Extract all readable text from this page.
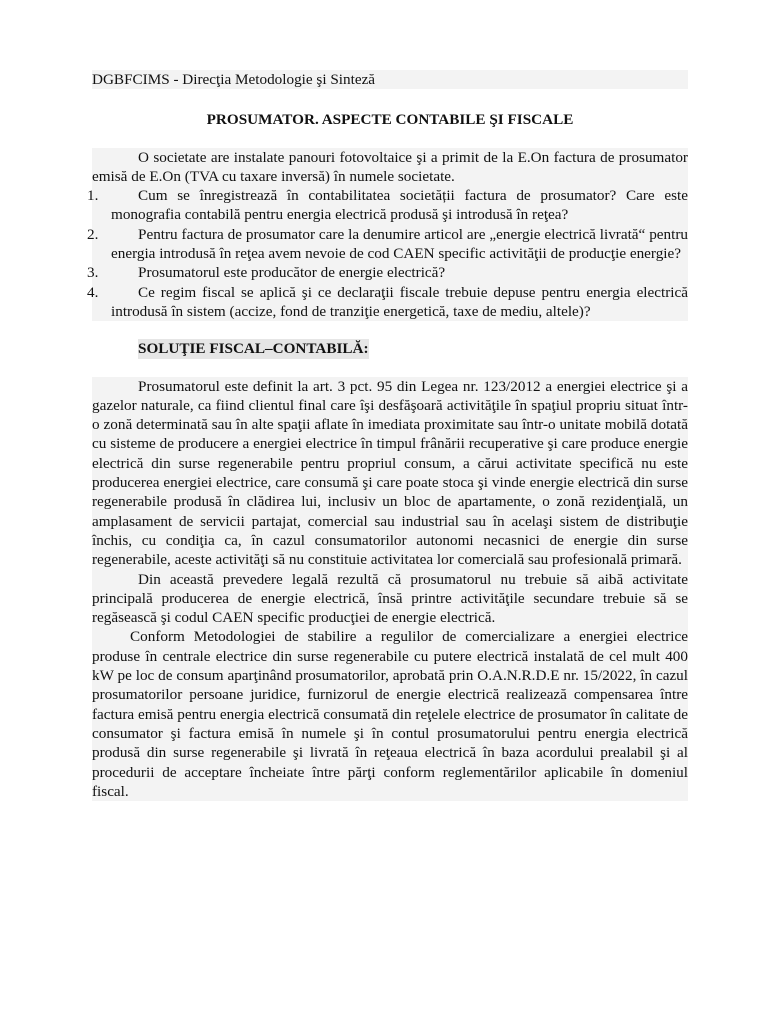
DGBFCIMS - Direcţia Metodologie şi Sinteză

PROSUMATOR. ASPECTE CONTABILE ŞI FISCALE

O societate are instalate panouri fotovoltaice şi a primit de la E.On factura de prosumator emisă de E.On (TVA cu taxare inversă) în numele societate.

1.	Cum se înregistrează în contabilitatea societății factura de prosumator? Care este monografia contabilă pentru energia electrică produsă şi introdusă în reţea?
2.	Pentru factura de prosumator care la denumire articol are „energie electrică livrată“ pentru energia introdusă în reţea avem nevoie de cod CAEN specific activităţii de producţie energie?
3.	Prosumatorul este producător de energie electrică?
4.	Ce regim fiscal se aplică şi ce declaraţii fiscale trebuie depuse pentru energia electrică introdusă în sistem (accize, fond de tranziţie energetică, taxe de mediu, altele)?

SOLUŢIE FISCAL–CONTABILĂ:

Prosumatorul este definit la art. 3 pct. 95 din Legea nr. 123/2012 a energiei electrice şi a gazelor naturale, ca fiind clientul final care îşi desfăşoară activităţile în spaţiul propriu situat într-o zonă determinată sau în alte spaţii aflate în imediata proximitate sau într-o unitate mobilă dotată cu sisteme de producere a energiei electrice în timpul frânării recuperative şi care produce energie electrică din surse regenerabile pentru propriul consum, a cărui activitate specifică nu este producerea energiei electrice, care consumă şi care poate stoca şi vinde energie electrică din surse regenerabile produsă în clădirea lui, inclusiv un bloc de apartamente, o zonă rezidenţială, un amplasament de servicii partajat, comercial sau industrial sau în acelaşi sistem de distribuţie închis, cu condiţia ca, în cazul consumatorilor autonomi necasnici de energie din surse regenerabile, aceste activităţi să nu constituie activitatea lor comercială sau profesională primară.

Din această prevedere legală rezultă că prosumatorul nu trebuie să aibă activitate principală producerea de energie electrică, însă printre activităţile secundare trebuie să se regăsească şi codul CAEN specific producţiei de energie electrică.

Conform Metodologiei de stabilire a regulilor de comercializare a energiei electrice produse în centrale electrice din surse regenerabile cu putere electrică instalată de cel mult 400 kW pe loc de consum aparţinând prosumatorilor, aprobată prin O.A.N.R.D.E nr. 15/2022, în cazul prosumatorilor persoane juridice, furnizorul de energie electrică realizează compensarea între factura emisă pentru energia electrică consumată din reţelele electrice de prosumator în calitate de consumator şi factura emisă în numele şi în contul prosumatorului pentru energia electrică produsă din surse regenerabile şi livrată în reţeaua electrică în baza acordului prealabil şi al procedurii de acceptare încheiate între părţi conform reglementărilor aplicabile în domeniul fiscal.
